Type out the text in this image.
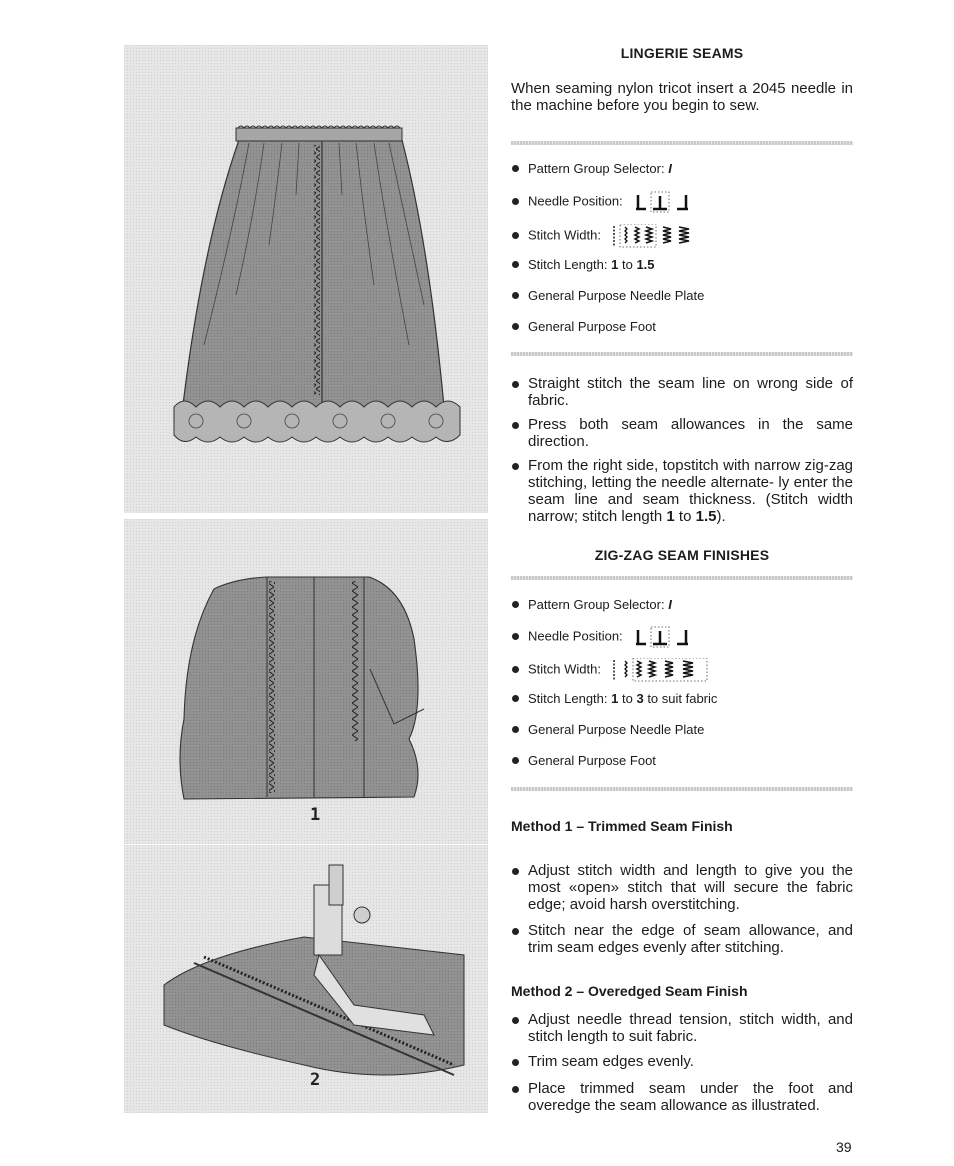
1
2
LINGERIE SEAMS
When seaming nylon tricot insert a 2045 needle in the machine before you begin to sew.
Pattern Group Selector: I
Needle Position:
Stitch Width:
Stitch Length: 1 to 1.5
General Purpose Needle Plate
General Purpose Foot
Straight stitch the seam line on wrong side of fabric.
Press both seam allowances in the same direction.
From the right side, topstitch with narrow zig-zag stitching, letting the needle alternate- ly enter the seam line and seam thickness. (Stitch width narrow; stitch length 1 to 1.5).
ZIG-ZAG SEAM FINISHES
Pattern Group Selector: I
Needle Position:
Stitch Width:
Stitch Length: 1 to 3 to suit fabric
General Purpose Needle Plate
General Purpose Foot
Method 1 – Trimmed Seam Finish
Adjust stitch width and length to give you the most «open» stitch that will secure the fabric edge; avoid harsh overstitching.
Stitch near the edge of seam allowance, and trim seam edges evenly after stitching.
Method 2 – Overedged Seam Finish
Adjust needle thread tension, stitch width, and stitch length to suit fabric.
Trim seam edges evenly.
Place trimmed seam under the foot and overedge the seam allowance as illustrated.
39
